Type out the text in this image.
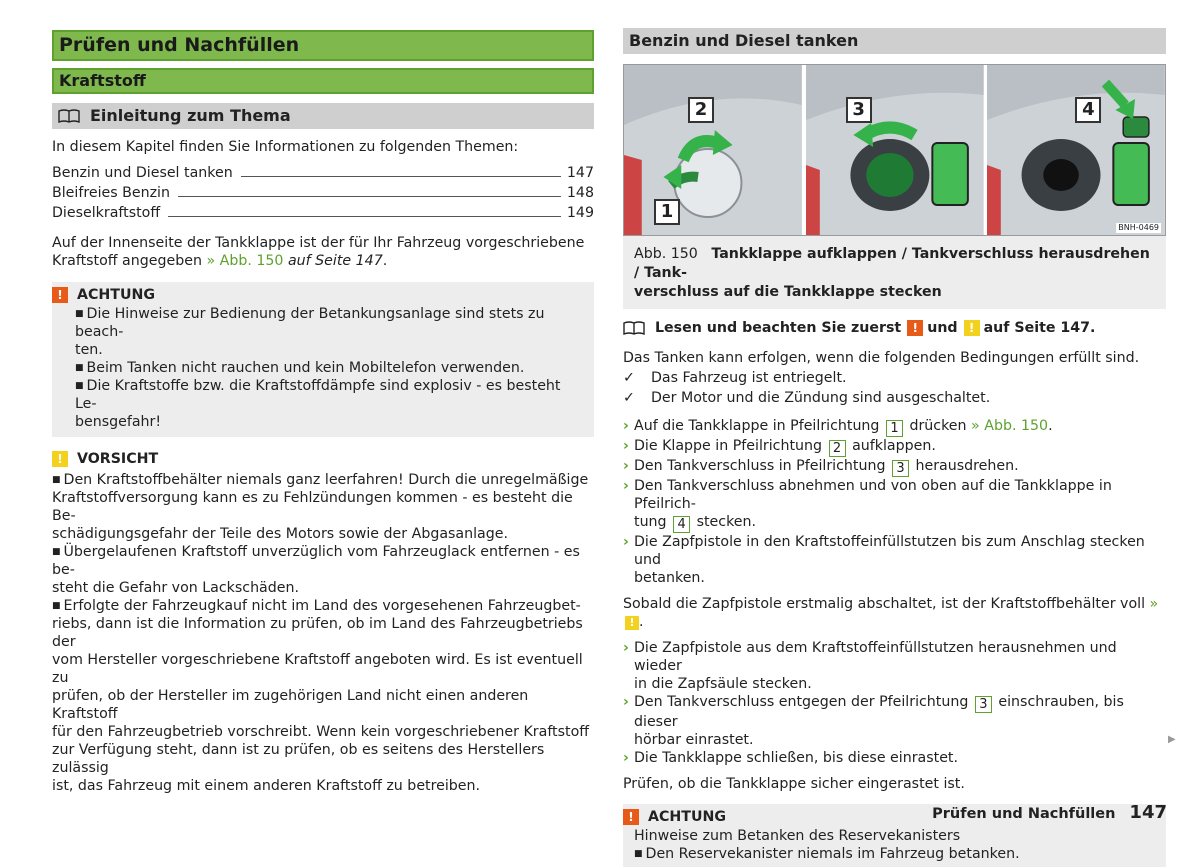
Prüfen und Nachfüllen
Kraftstoff
Einleitung zum Thema

In diesem Kapitel finden Sie Informationen zu folgenden Themen:

Benzin und Diesel tanken	147
Bleifreies Benzin	148
Dieselkraftstoff	149

Auf der Innenseite der Tankklappe ist der für Ihr Fahrzeug vorgeschriebene
Kraftstoff angegeben » Abb. 150 auf Seite 147.

!	ACHTUNG
■ Die Hinweise zur Bedienung der Betankungsanlage sind stets zu beach-
ten.
■ Beim Tanken nicht rauchen und kein Mobiltelefon verwenden.
■ Die Kraftstoffe bzw. die Kraftstoffdämpfe sind explosiv - es besteht Le-
bensgefahr!
!	VORSICHT
■ Den Kraftstoffbehälter niemals ganz leerfahren! Durch die unregelmäßige
Kraftstoffversorgung kann es zu Fehlzündungen kommen - es besteht die Be-
schädigungsgefahr der Teile des Motors sowie der Abgasanlage.
■ Übergelaufenen Kraftstoff unverzüglich vom Fahrzeuglack entfernen - es be-
steht die Gefahr von Lackschäden.
■ Erfolgte der Fahrzeugkauf nicht im Land des vorgesehenen Fahrzeugbet-
riebs, dann ist die Information zu prüfen, ob im Land des Fahrzeugbetriebs der
vom Hersteller vorgeschriebene Kraftstoff angeboten wird. Es ist eventuell zu
prüfen, ob der Hersteller im zugehörigen Land nicht einen anderen Kraftstoff
für den Fahrzeugbetrieb vorschreibt. Wenn kein vorgeschriebener Kraftstoff
zur Verfügung steht, dann ist zu prüfen, ob es seitens des Herstellers zulässig
ist, das Fahrzeug mit einem anderen Kraftstoff zu betreiben.
Benzin und Diesel tanken
2
1
3	4
BNH-0469
Abb. 150 Tankklappe aufklappen / Tankverschluss herausdrehen / Tank-
verschluss auf die Tankklappe stecken
Lesen und beachten Sie zuerst ! und ! auf Seite 147.

Das Tanken kann erfolgen, wenn die folgenden Bedingungen erfüllt sind.

✓	Das Fahrzeug ist entriegelt.
✓	Der Motor und die Zündung sind ausgeschaltet.
› Auf die Tankklappe in Pfeilrichtung 1 drücken » Abb. 150.
› Die Klappe in Pfeilrichtung 2 aufklappen.
› Den Tankverschluss in Pfeilrichtung 3 herausdrehen.
› Den Tankverschluss abnehmen und von oben auf die Tankklappe in Pfeilrich-
tung 4 stecken.
› Die Zapfpistole in den Kraftstoffeinfüllstutzen bis zum Anschlag stecken und
betanken.

Sobald die Zapfpistole erstmalig abschaltet, ist der Kraftstoffbehälter voll » ! .

› Die Zapfpistole aus dem Kraftstoffeinfüllstutzen herausnehmen und wieder
in die Zapfsäule stecken.
› Den Tankverschluss entgegen der Pfeilrichtung 3 einschrauben, bis dieser
hörbar einrastet.
› Die Tankklappe schließen, bis diese einrastet.

Prüfen, ob die Tankklappe sicher eingerastet ist.

!	ACHTUNG
Hinweise zum Betanken des Reservekanisters
■ Den Reservekanister niemals im Fahrzeug betanken.
▶
Prüfen und Nachfüllen 147
